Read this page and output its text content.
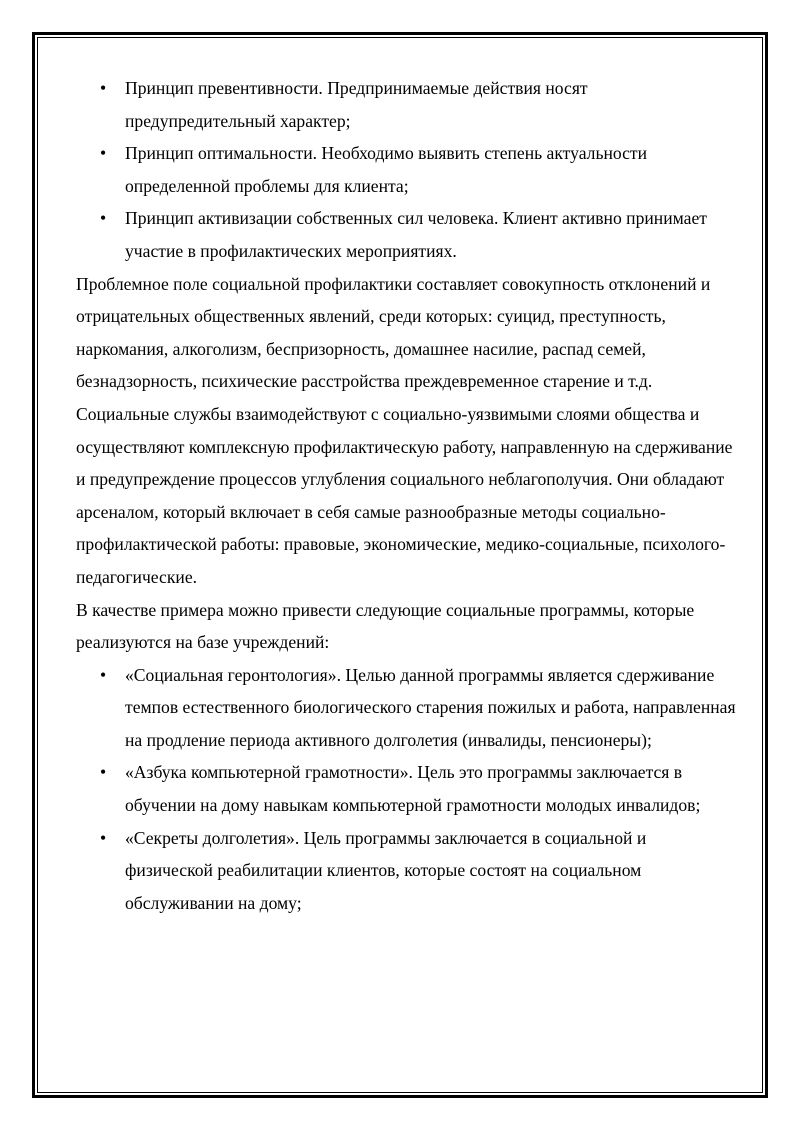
• Принцип превентивности. Предпринимаемые действия носят предупредительный характер;

• Принцип оптимальности. Необходимо выявить степень актуальности определенной проблемы для клиента;

• Принцип активизации собственных сил человека. Клиент активно принимает участие в профилактических мероприятиях.

Проблемное поле социальной профилактики составляет совокупность отклонений и отрицательных общественных явлений, среди которых: суицид, преступность, наркомания, алкоголизм, беспризорность, домашнее насилие, распад семей, безнадзорность, психические расстройства преждевременное старение и т.д.

Социальные службы взаимодействуют с социально-уязвимыми слоями общества и осуществляют комплексную профилактическую работу, направленную на сдерживание и предупреждение процессов углубления социального неблагополучия. Они обладают арсеналом, который включает в себя самые разнообразные методы социально-профилактической работы: правовые, экономические, медико-социальные, психолого-педагогические.

В качестве примера можно привести следующие социальные программы, которые реализуются на базе учреждений:

• «Социальная геронтология». Целью данной программы является сдерживание темпов естественного биологического старения пожилых и работа, направленная на продление периода активного долголетия (инвалиды, пенсионеры);

• «Азбука компьютерной грамотности». Цель это программы заключается в обучении на дому навыкам компьютерной грамотности молодых инвалидов;

• «Секреты долголетия». Цель программы заключается в социальной и физической реабилитации клиентов, которые состоят на социальном обслуживании на дому;
